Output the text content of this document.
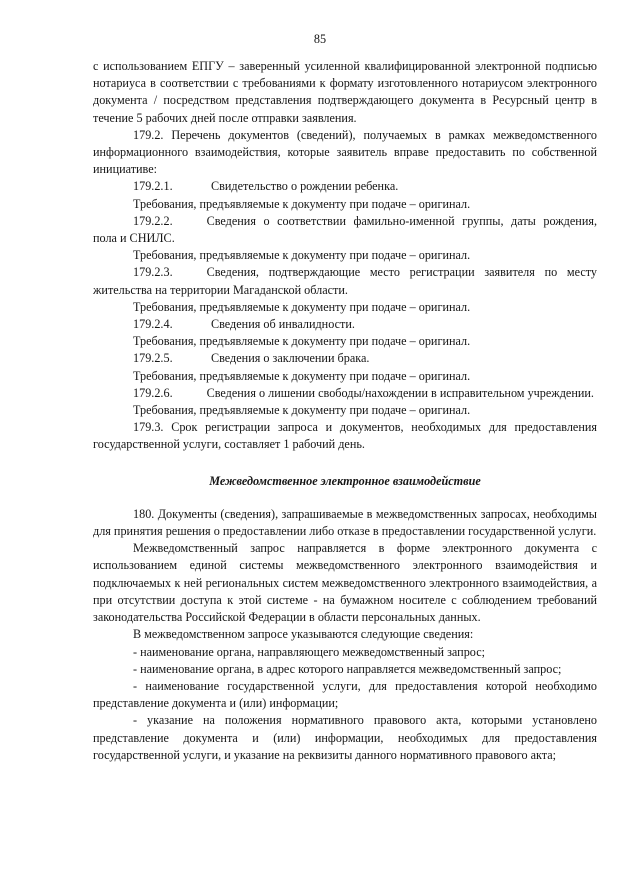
85

с использованием ЕПГУ – заверенный усиленной квалифицированной электронной подписью нотариуса в соответствии с требованиями к формату изготовленного нотариусом электронного документа / посредством представления подтверждающего документа в Ресурсный центр в течение 5 рабочих дней после отправки заявления.

179.2. Перечень документов (сведений), получаемых в рамках межведомственного информационного взаимодействия, которые заявитель вправе предоставить по собственной инициативе:

179.2.1.	Свидетельство о рождении ребенка.

Требования, предъявляемые к документу при подаче – оригинал.

179.2.2.	Сведения о соответствии фамильно-именной группы, даты рождения, пола и СНИЛС.

Требования, предъявляемые к документу при подаче – оригинал.

179.2.3.	Сведения, подтверждающие место регистрации заявителя по месту жительства на территории Магаданской области.

Требования, предъявляемые к документу при подаче – оригинал.

179.2.4.	Сведения об инвалидности.

Требования, предъявляемые к документу при подаче – оригинал.

179.2.5.	Сведения о заключении брака.

Требования, предъявляемые к документу при подаче – оригинал.

179.2.6.	Сведения о лишении свободы/нахождении в исправительном учреждении.

Требования, предъявляемые к документу при подаче – оригинал.

179.3. Срок регистрации запроса и документов, необходимых для предоставления государственной услуги, составляет 1 рабочий день.

Межведомственное электронное взаимодействие

180. Документы (сведения), запрашиваемые в межведомственных запросах, необходимы для принятия решения о предоставлении либо отказе в предоставлении государственной услуги.

Межведомственный запрос направляется в форме электронного документа с использованием единой системы межведомственного электронного взаимодействия и подключаемых к ней региональных систем межведомственного электронного взаимодействия, а при отсутствии доступа к этой системе - на бумажном носителе с соблюдением требований законодательства Российской Федерации в области персональных данных.

В межведомственном запросе указываются следующие сведения:

- наименование органа, направляющего межведомственный запрос;

- наименование органа, в адрес которого направляется межведомственный запрос;

- наименование государственной услуги, для предоставления которой необходимо представление документа и (или) информации;

- указание на положения нормативного правового акта, которыми установлено представление документа и (или) информации, необходимых для предоставления государственной услуги, и указание на реквизиты данного нормативного правового акта;
